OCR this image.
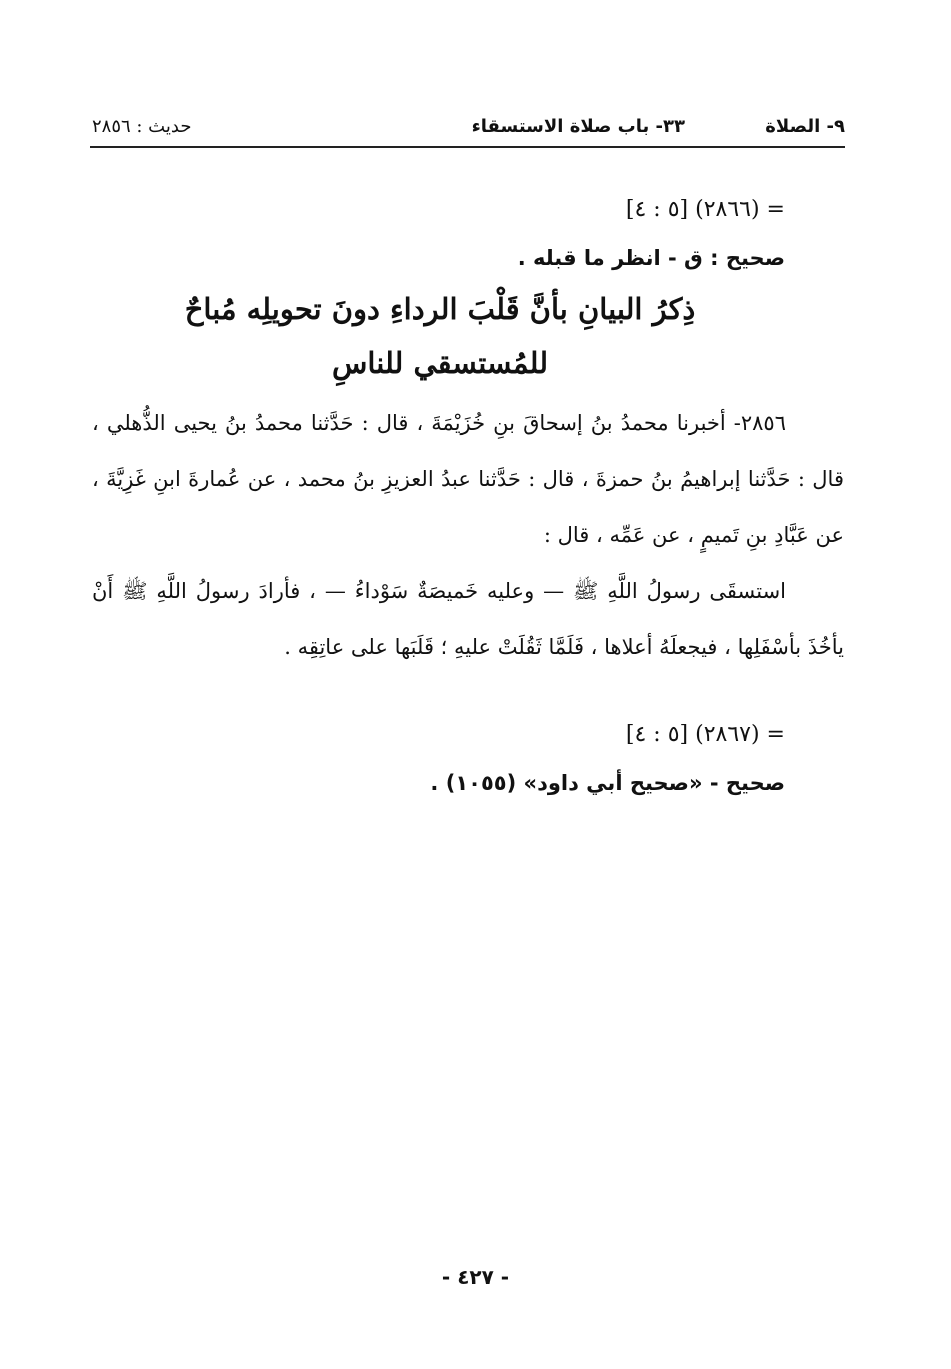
٩- الصلاة
٣٣- باب صلاة الاستسقاء
حديث : ٢٨٥٦
= (٢٨٦٦) [٥ : ٤]
صحيح : ق - انظر ما قبله .
ذِكرُ البيانِ بأنَّ قَلْبَ الرداءِ دونَ تحويلِه مُباحٌ للمُستسقي للناسِ

٢٨٥٦- أخبرنا محمدُ بنُ إسحاقَ بنِ خُزَيْمَةَ ، قال : حَدَّثنا محمدُ بنُ يحيى الذُّهلي ، قال : حَدَّثنا إبراهيمُ بنُ حمزةَ ، قال : حَدَّثنا عبدُ العزيزِ بنُ محمد ، عن عُمارةَ ابنِ غَزِيَّةَ ، عن عَبَّادِ بنِ تَميمٍ ، عن عَمِّه ، قال :

استسقَى رسولُ اللَّهِ ﷺ — وعليه خَميصَةٌ سَوْداءُ — ، فأرادَ رسولُ اللَّهِ ﷺ أَنْ يأخُذَ بأسْفَلِها ، فيجعلَهُ أعلاها ، فَلَمَّا ثَقُلَتْ عليهِ ؛ قَلَبَها على عاتِقِه .

= (٢٨٦٧) [٥ : ٤]
صحيح - «صحيح أبي داود» (١٠٥٥) .
- ٤٢٧ -
